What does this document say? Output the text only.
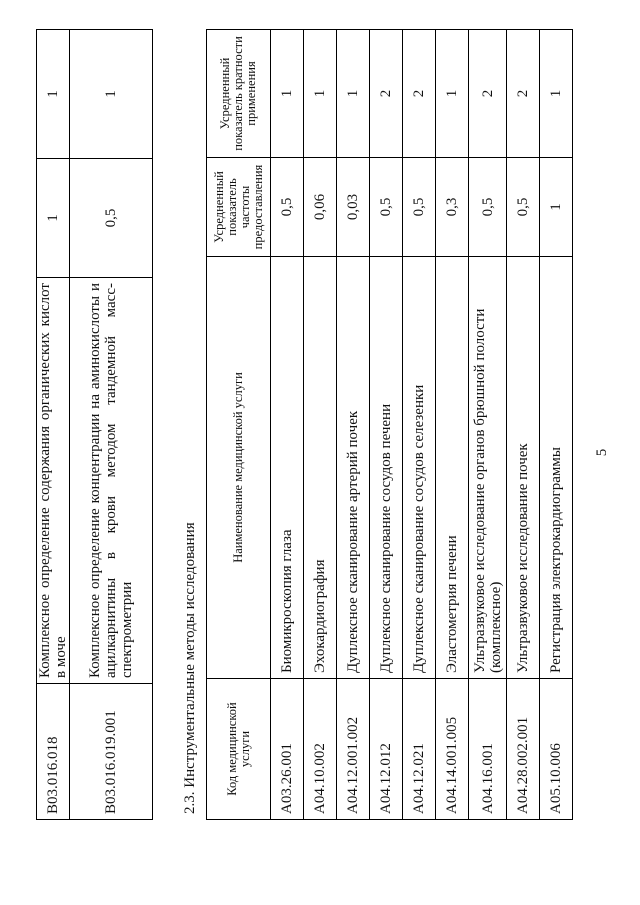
5
B03.016.018	Комплексное определение содержания органических кислот в моче	1	1
B03.016.019.001	Комплексное определение концентрации на аминокислоты и ацилкарнитины в крови методом тандемной масс-спектрометрии	0,5	1
2.3. Инструментальные методы исследования Код медицинской услуги	Наименование медицинской услуги	Усредненный показатель частоты предоставления	Усредненный показатель кратности применения
A03.26.001	Биомикроскопия глаза	0,5	1
A04.10.002	Эхокардиография	0,06	1
A04.12.001.002	Дуплексное сканирование артерий почек	0,03	1
A04.12.012	Дуплексное сканирование сосудов печени	0,5	2
A04.12.021	Дуплексное сканирование сосудов селезенки	0,5	2
A04.14.001.005	Эластометрия печени	0,3	1
A04.16.001	Ультразвуковое исследование органов брюшной полости (комплексное)	0,5	2
A04.28.002.001	Ультразвуковое исследование почек	0,5	2
A05.10.006	Регистрация электрокардиограммы	1	1
